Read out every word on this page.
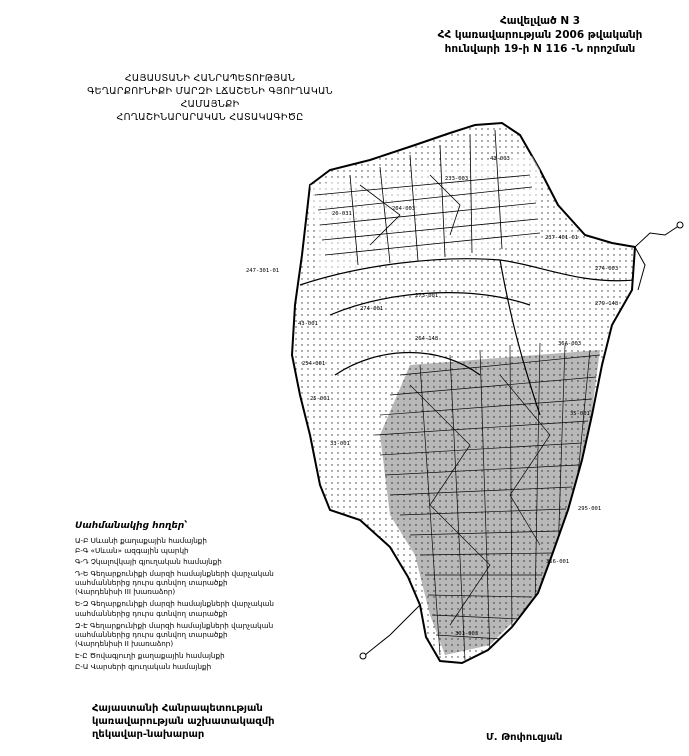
Հավելված N 3
ՀՀ կառավարության 2006 թվականի
հունվարի 19-ի N 116 -Ն որոշման
ՀԱՅԱՍՏԱՆԻ ՀԱՆՐԱՊԵՏՈՒԹՅԱՆ
ԳԵՂԱՐՔՈՒՆԻՔԻ ՄԱՐԶԻ ԼՃԱՇԵՆԻ ԳՅՈՒՂԱԿԱՆ ՀԱՄԱՅՆՔԻ
ՀՈՂԱՇԻՆԱՐԱՐԱԿԱՆ ՀԱՏԱԿԱԳԻԾԸ
247-301-01
237-401-01
274-003
26-031
264-003
279-148
36A-003
43-001
254-001
25-001
264-148
35-001
273-001
295-001
356-001
33-001
301-003
274-001
233-003
43-003
Սահմանակից հողեր՝
Ա-Բ Սևանի քաղաքային համայնքի
Բ-Գ «Սևան» ազգային պարկի
Գ-Դ Չկալովկայի գյուղական համայնքի
Դ-Ե Գեղարքունիքի մարզի համայնքների վարչական
սահմաններից դուրս գտնվող տարածքի
(Վարդենիսի III խառաձոր)
Ե-Զ Գեղարքունիքի մարզի համայնքների վարչական
սահմաններից դուրս գտնվող տարածքի
Զ-Է Գեղարքունիքի մարզի համայնքների վարչական
սահմաններից դուրս գտնվող տարածքի
(Վարդենիսի II խառաձոր)
Է-Ը Ծովագյուղի քաղաքային համայնքի
Ը-Ա Վարսերի գյուղական համայնքի
Հայաստանի Հանրապետության
կառավարության աշխատակազմի
ղեկավար-նախարար	Մ. Թոփուզյան
